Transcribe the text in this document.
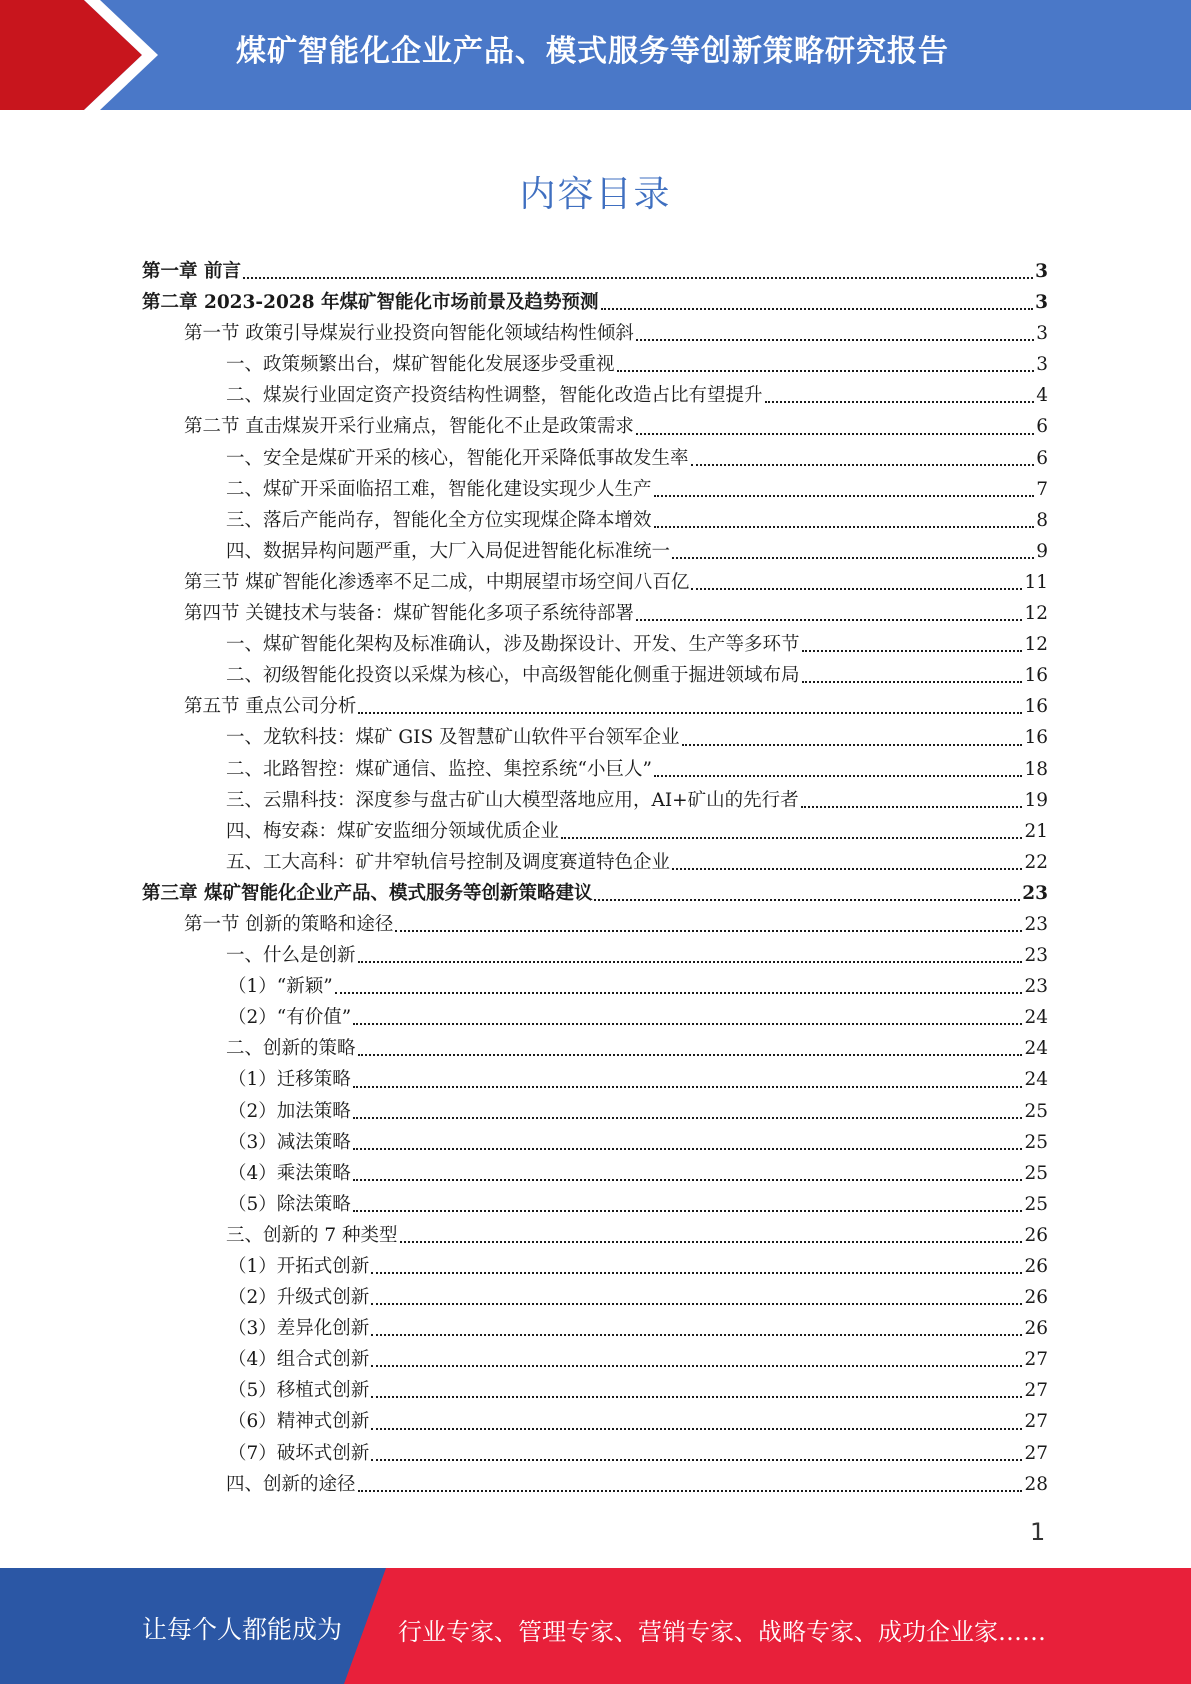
煤矿智能化企业产品、模式服务等创新策略研究报告
内容目录
第一章 前言	3
第二章 2023-2028 年煤矿智能化市场前景及趋势预测	3
第一节 政策引导煤炭行业投资向智能化领域结构性倾斜	3
一、政策频繁出台，煤矿智能化发展逐步受重视	3
二、煤炭行业固定资产投资结构性调整，智能化改造占比有望提升	4
第二节 直击煤炭开采行业痛点，智能化不止是政策需求	6
一、安全是煤矿开采的核心，智能化开采降低事故发生率	6
二、煤矿开采面临招工难，智能化建设实现少人生产	7
三、落后产能尚存，智能化全方位实现煤企降本增效	8
四、数据异构问题严重，大厂入局促进智能化标准统一	9
第三节 煤矿智能化渗透率不足二成，中期展望市场空间八百亿	11
第四节 关键技术与装备：煤矿智能化多项子系统待部署	12
一、煤矿智能化架构及标准确认，涉及勘探设计、开发、生产等多环节	12
二、初级智能化投资以采煤为核心，中高级智能化侧重于掘进领域布局	16
第五节 重点公司分析	16
一、龙软科技：煤矿 GIS 及智慧矿山软件平台领军企业	16
二、北路智控：煤矿通信、监控、集控系统“小巨人”	18
三、云鼎科技：深度参与盘古矿山大模型落地应用，AI+矿山的先行者	19
四、梅安森：煤矿安监细分领域优质企业	21
五、工大高科：矿井窄轨信号控制及调度赛道特色企业	22
第三章 煤矿智能化企业产品、模式服务等创新策略建议	23
第一节 创新的策略和途径	23
一、什么是创新	23
（1）“新颖”	23
（2）“有价值”	24
二、创新的策略	24
（1）迁移策略	24
（2）加法策略	25
（3）减法策略	25
（4）乘法策略	25
（5）除法策略	25
三、创新的 7 种类型	26
（1）开拓式创新	26
（2）升级式创新	26
（3）差异化创新	26
（4）组合式创新	27
（5）移植式创新	27
（6）精神式创新	27
（7）破坏式创新	27
四、创新的途径	28
1
让每个人都能成为 行业专家、管理专家、营销专家、战略专家、成功企业家……
